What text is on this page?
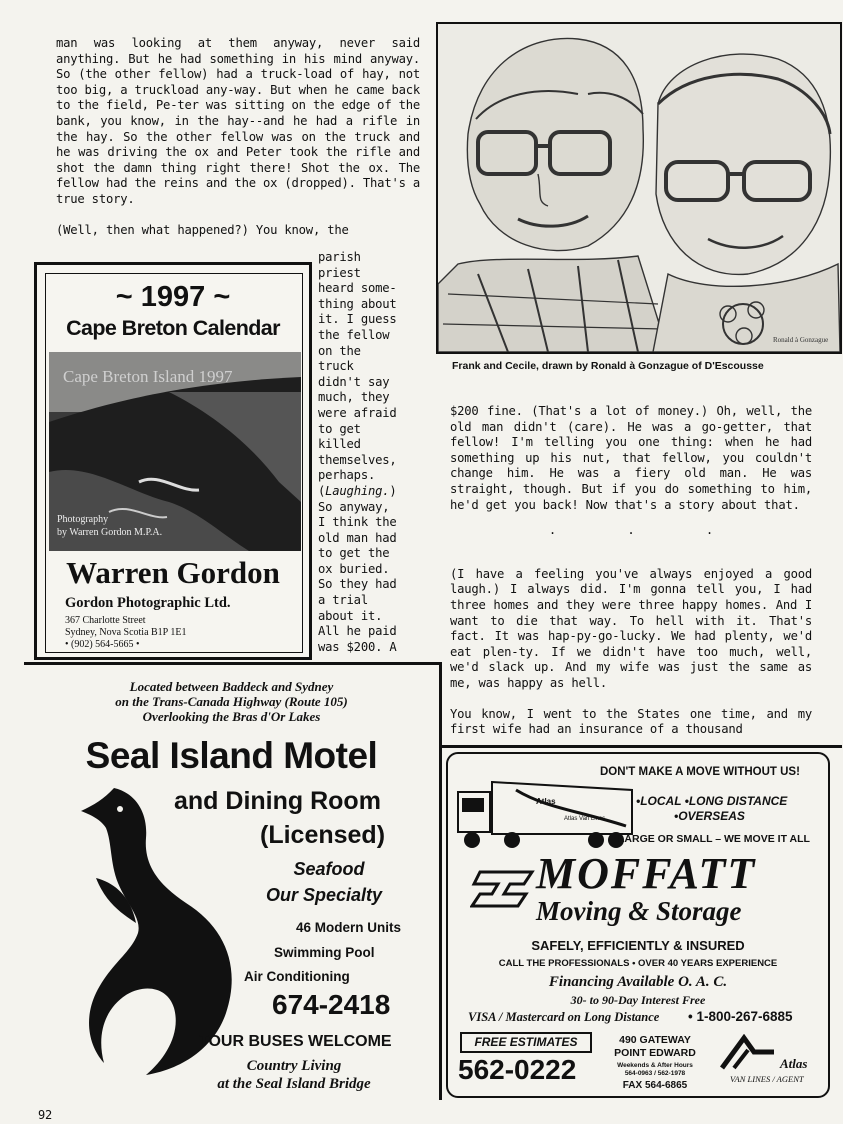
man was looking at them anyway, never said anything. But he had something in his mind anyway. So (the other fellow) had a truck-load of hay, not too big, a truckload any-way. But when he came back to the field, Pe-ter was sitting on the edge of the bank, you know, in the hay--and he had a rifle in the hay. So the other fellow was on the truck and he was driving the ox and Peter took the rifle and shot the damn thing right there! Shot the ox. The fellow had the reins and the ox (dropped). That's a true story.

(Well, then what happened?) You know, the

parish
priest
heard some-
thing about
it. I guess
the fellow
on the
truck
didn't say
much, they
were afraid
to get
killed
themselves,
perhaps.
(Laughing.)
So anyway,
I think the
old man had
to get the
ox buried.
So they had
a trial
about it.
All he paid
was $200. A
Ronald à Gonzague
Frank and Cecile, drawn by Ronald à Gonzague of D'Escousse

$200 fine. (That's a lot of money.) Oh, well, the old man didn't (care). He was a go-getter, that fellow! I'm telling you one thing: when he had something up his nut, that fellow, you couldn't change him. He was a fiery old man. He was straight, though. But if you do something to him, he'd get you back! Now that's a story about that.

.          .          .

(I have a feeling you've always enjoyed a good laugh.) I always did. I'm gonna tell you, I had three homes and they were three happy homes. And I want to die that way. To hell with it. That's fact. It was hap-py-go-lucky. We had plenty, we'd eat plen-ty. If we didn't have too much, well, we'd slack up. And my wife was just the same as me, was happy as hell.

You know, I went to the States one time, and my first wife had an insurance of a thousand

~ 1997 ~
Cape Breton Calendar
Cape Breton Island 1997
Photography
by Warren Gordon M.P.A.
Warren Gordon
Gordon Photographic Ltd.
367 Charlotte Street
Sydney, Nova Scotia B1P 1E1
• (902) 564-5665 •
Located between Baddeck and Sydney
on the Trans-Canada Highway (Route 105)
Overlooking the Bras d'Or Lakes
Seal Island Motel
and Dining Room
(Licensed)
Seafood
Our Specialty
46 Modern Units
Swimming Pool
Air Conditioning
674-2418
TOUR BUSES WELCOME
Country Living
at the Seal Island Bridge
DON'T MAKE A MOVE WITHOUT US!
Atlas
Atlas Van Lines
•LOCAL •LONG DISTANCE
•OVERSEAS
LARGE OR SMALL – WE MOVE IT ALL
MOFFATT
Moving & Storage
SAFELY, EFFICIENTLY & INSURED
CALL THE PROFESSIONALS • OVER 40 YEARS EXPERIENCE
Financing Available O. A. C.
30- to 90-Day Interest Free
VISA / Mastercard on Long Distance • 1-800-267-6885
FREE ESTIMATES
562-0222
490 GATEWAY
POINT EDWARD
Weekends & After Hours
564-0963 / 562-1978
FAX 564-6865
Atlas
VAN LINES / AGENT
92
